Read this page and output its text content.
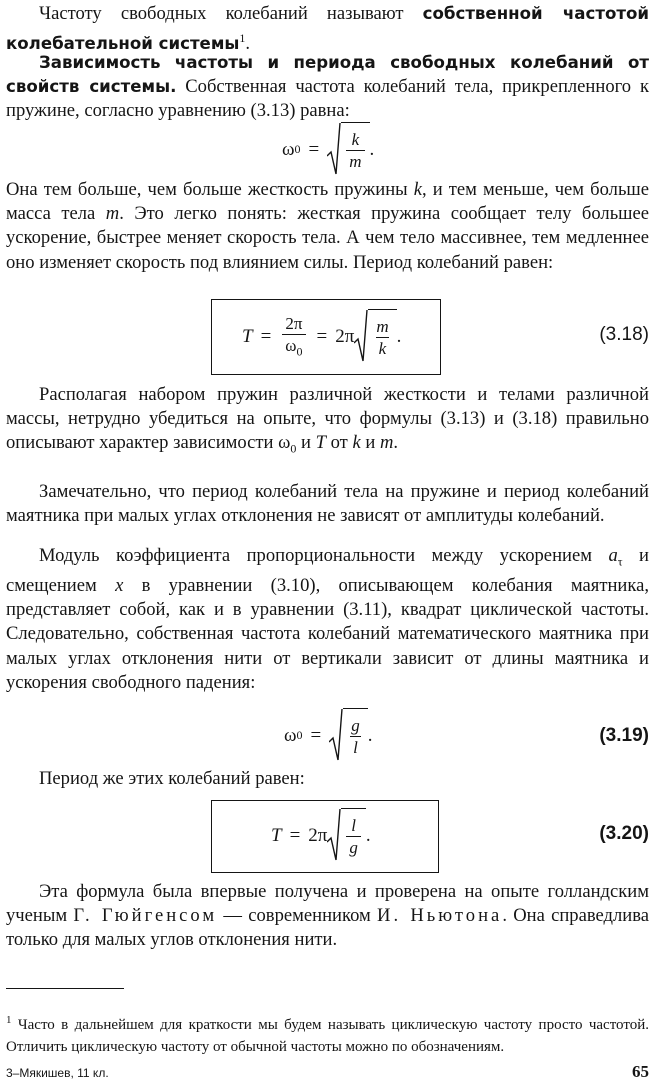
Частоту свободных колебаний называют собственной частотой колебательной системы$^1$.

Зависимость частоты и периода свободных колебаний от свойств системы. Собственная частота колебаний тела, прикрепленного к пружине, согласно уравнению (3.13) равна:

ω $0 = \frac{k}{m}$ .

Она тем больше, чем больше жесткость пружины k, и тем меньше, чем больше масса тела m. Это легко понять: жесткая пружина сообщает телу большее ускорение, быстрее меняет скорость тела. А чем тело массивнее, тем медленнее оно изменяет скорость под влиянием силы. Период колебаний равен:

$T = \frac{2\pi}{\omega_0} = 2\pi \frac{m}{k}$ .	(3.18)

Располагая набором пружин различной жесткости и телами различной массы, нетрудно убедиться на опыте, что формулы (3.13) и (3.18) правильно описывают характер зависимости $\omega_0$ и T от k и m.

Замечательно, что период колебаний тела на пружине и период колебаний маятника при малых углах отклонения не зависят от амплитуды колебаний.

Модуль коэффициента пропорциональности между ускорением $a_\tau$ и смещением x в уравнении (3.10), описывающем колебания маятника, представляет собой, как и в уравнении (3.11), квадрат циклической частоты. Следовательно, собственная частота колебаний математического маятника при малых углах отклонения нити от вертикали зависит от длины маятника и ускорения свободного падения:

ω $0 = \frac{g}{l}$ .	(3.19)

Период же этих колебаний равен:

$T = 2\pi \frac{l}{g}$ .	(3.20)

Эта формула была впервые получена и проверена на опыте голландским ученым Г. Гюйгенсом — современником И. Ньютона. Она справедлива только для малых углов отклонения нити.

$^1$ Часто в дальнейшем для краткости мы будем называть циклическую частоту просто частотой. Отличить циклическую частоту от обычной частоты можно по обозначениям.

3–Мякишев, 11 кл.	65
